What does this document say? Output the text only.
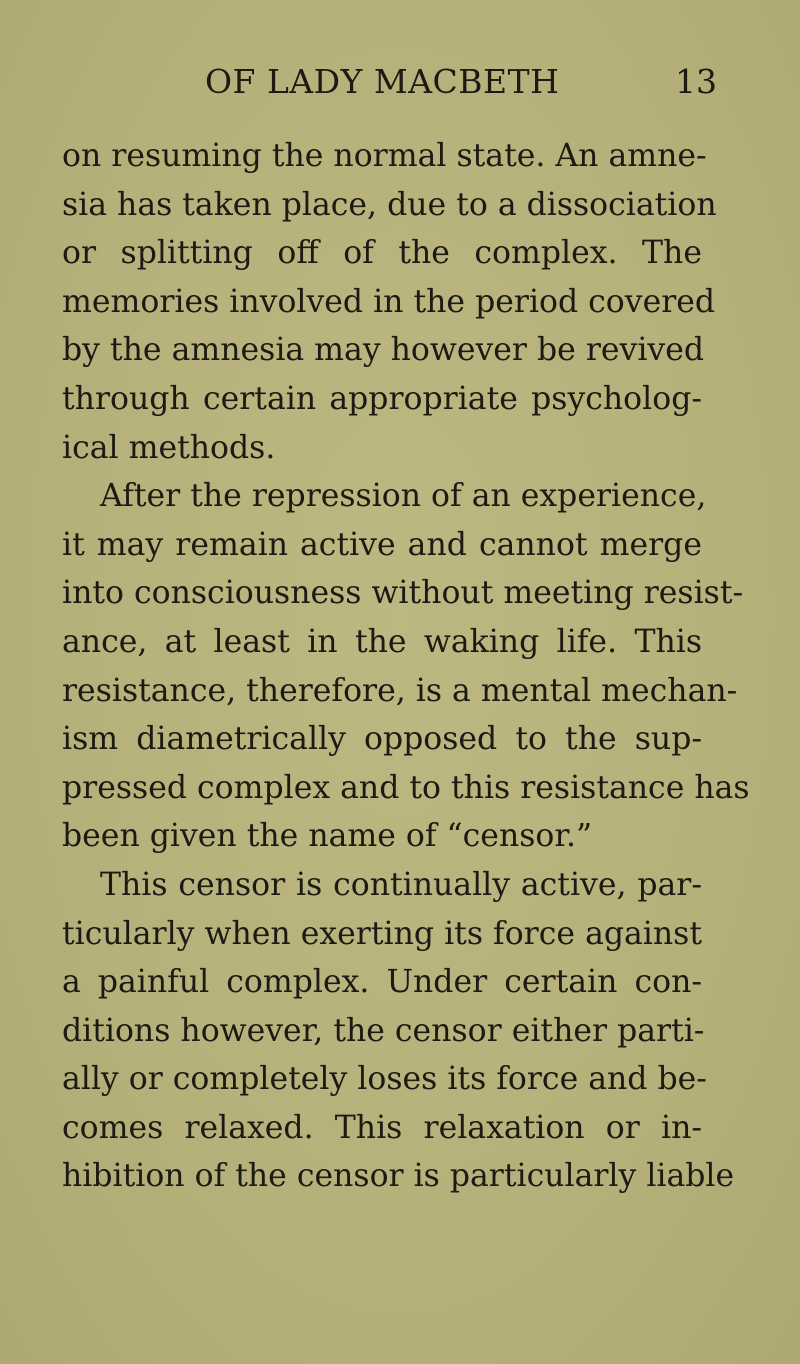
OF LADY MACBETH	13
on resuming the normal state. An amne-
sia has taken place, due to a dissociation
or splitting off of the complex. The
memories involved in the period covered
by the amnesia may however be revived
through certain appropriate psycholog-
ical methods.
After the repression of an experience,
it may remain active and cannot merge
into consciousness without meeting resist-
ance, at least in the waking life. This
resistance, therefore, is a mental mechan-
ism diametrically opposed to the sup-
pressed complex and to this resistance has
been given the name of “censor.”
This censor is continually active, par-
ticularly when exerting its force against
a painful complex. Under certain con-
ditions however, the censor either parti-
ally or completely loses its force and be-
comes relaxed. This relaxation or in-
hibition of the censor is particularly liable
